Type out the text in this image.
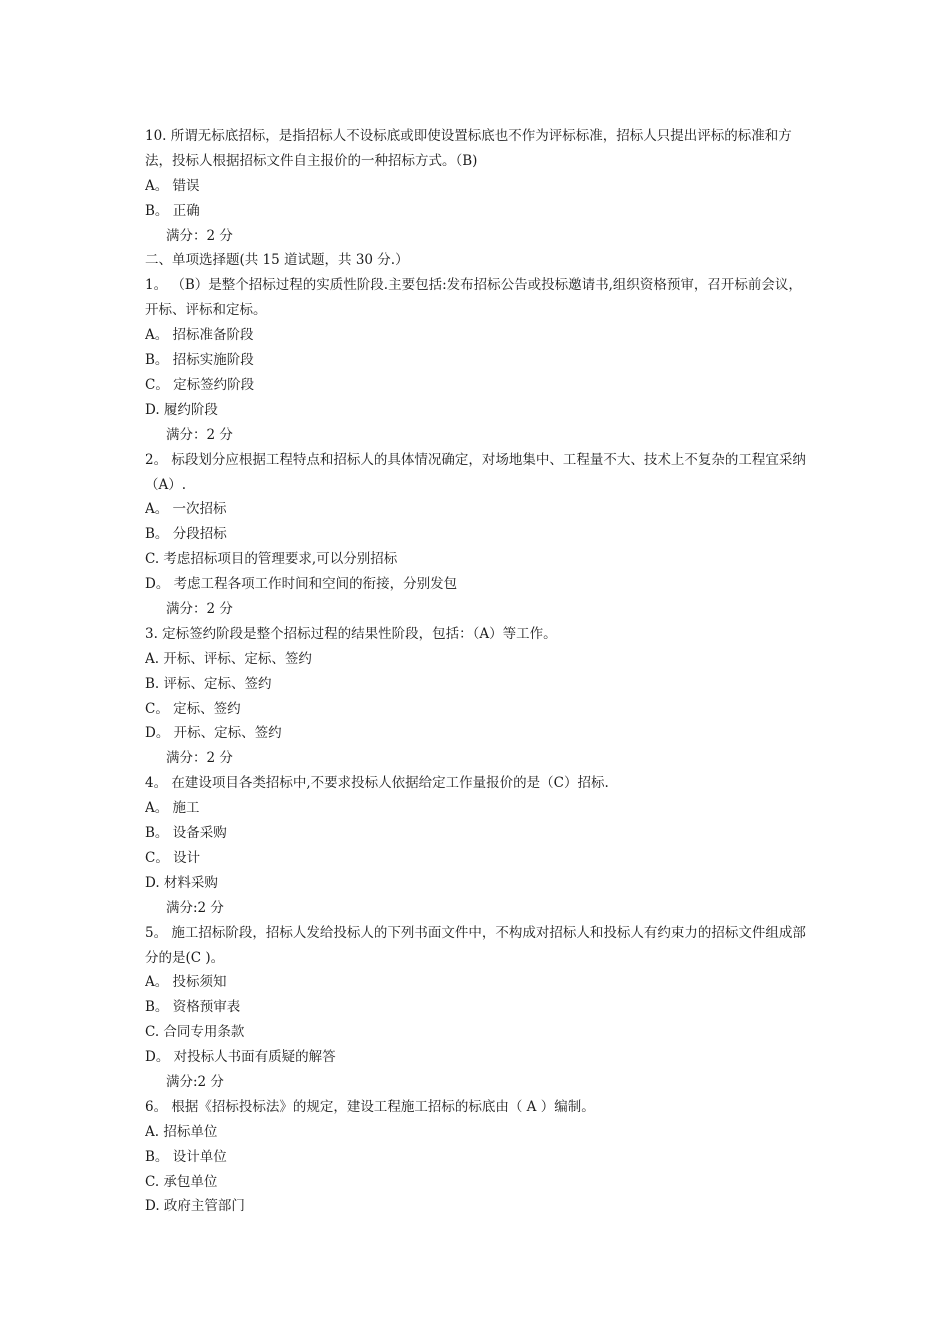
10. 所谓无标底招标，是指招标人不设标底或即使设置标底也不作为评标标准，招标人只提出评标的标准和方法，投标人根据招标文件自主报价的一种招标方式。（B)
A。 错误
B。 正确
满分：2 分
二、单项选择题(共 15 道试题，共 30 分.）
1。 （B）是整个招标过程的实质性阶段.主要包括:发布招标公告或投标邀请书,组织资格预审，召开标前会议，开标、评标和定标。
A。 招标准备阶段
B。 招标实施阶段
C。 定标签约阶段
D. 履约阶段
满分：2 分
2。 标段划分应根据工程特点和招标人的具体情况确定，对场地集中、工程量不大、技术上不复杂的工程宜采纳（A）.
A。 一次招标
B。 分段招标
C. 考虑招标项目的管理要求,可以分别招标
D。 考虑工程各项工作时间和空间的衔接，分别发包
满分：2 分
3. 定标签约阶段是整个招标过程的结果性阶段，包括：（A）等工作。
A. 开标、评标、定标、签约
B. 评标、定标、签约
C。 定标、签约
D。 开标、定标、签约
满分：2 分
4。 在建设项目各类招标中,不要求投标人依据给定工作量报价的是（C）招标.
A。 施工
B。 设备采购
C。 设计
D. 材料采购
满分:2 分
5。 施工招标阶段，招标人发给投标人的下列书面文件中，不构成对招标人和投标人有约束力的招标文件组成部分的是(C )。
A。 投标须知
B。 资格预审表
C. 合同专用条款
D。 对投标人书面有质疑的解答
满分:2 分
6。 根据《招标投标法》的规定，建设工程施工招标的标底由（ A ）编制。
A. 招标单位
B。 设计单位
C. 承包单位
D. 政府主管部门
